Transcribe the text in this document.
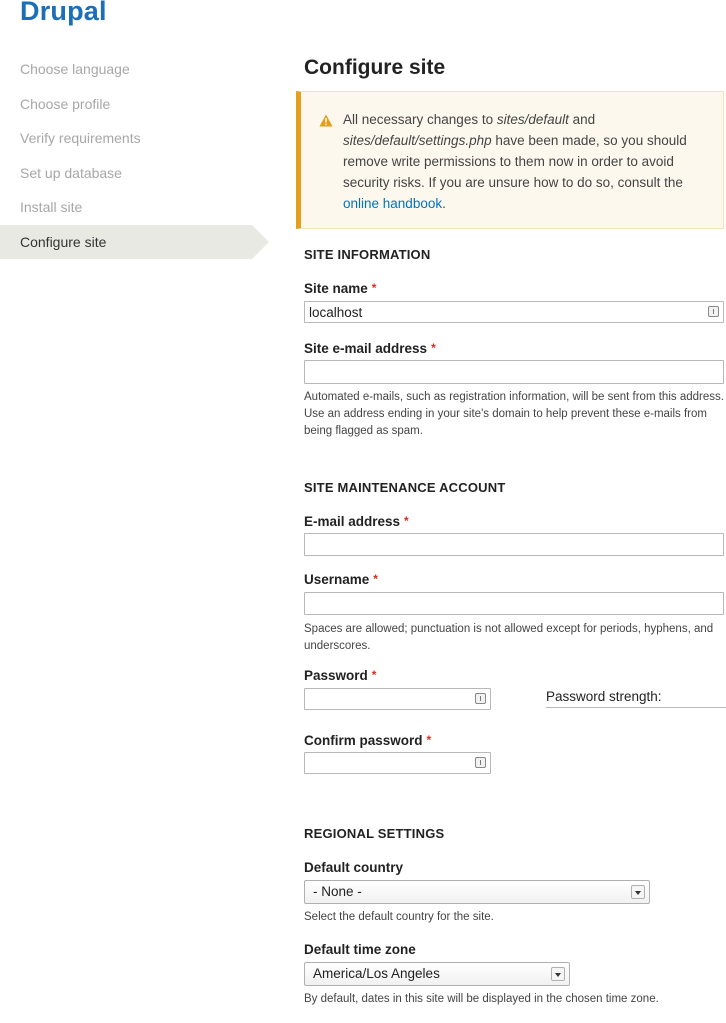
Drupal
Choose language
Choose profile
Verify requirements
Set up database
Install site
Configure site
Configure site
All necessary changes to sites/default and sites/default/settings.php have been made, so you should remove write permissions to them now in order to avoid security risks. If you are unsure how to do so, consult the online handbook.
SITE INFORMATION
Site name *
localhost
Site e-mail address *
Automated e-mails, such as registration information, will be sent from this address. Use an address ending in your site's domain to help prevent these e-mails from being flagged as spam.
SITE MAINTENANCE ACCOUNT
E-mail address *
Username *
Spaces are allowed; punctuation is not allowed except for periods, hyphens, and underscores.
Password *
Password strength:
Confirm password *
REGIONAL SETTINGS
Default country
- None -
Select the default country for the site.
Default time zone
America/Los Angeles
By default, dates in this site will be displayed in the chosen time zone.
